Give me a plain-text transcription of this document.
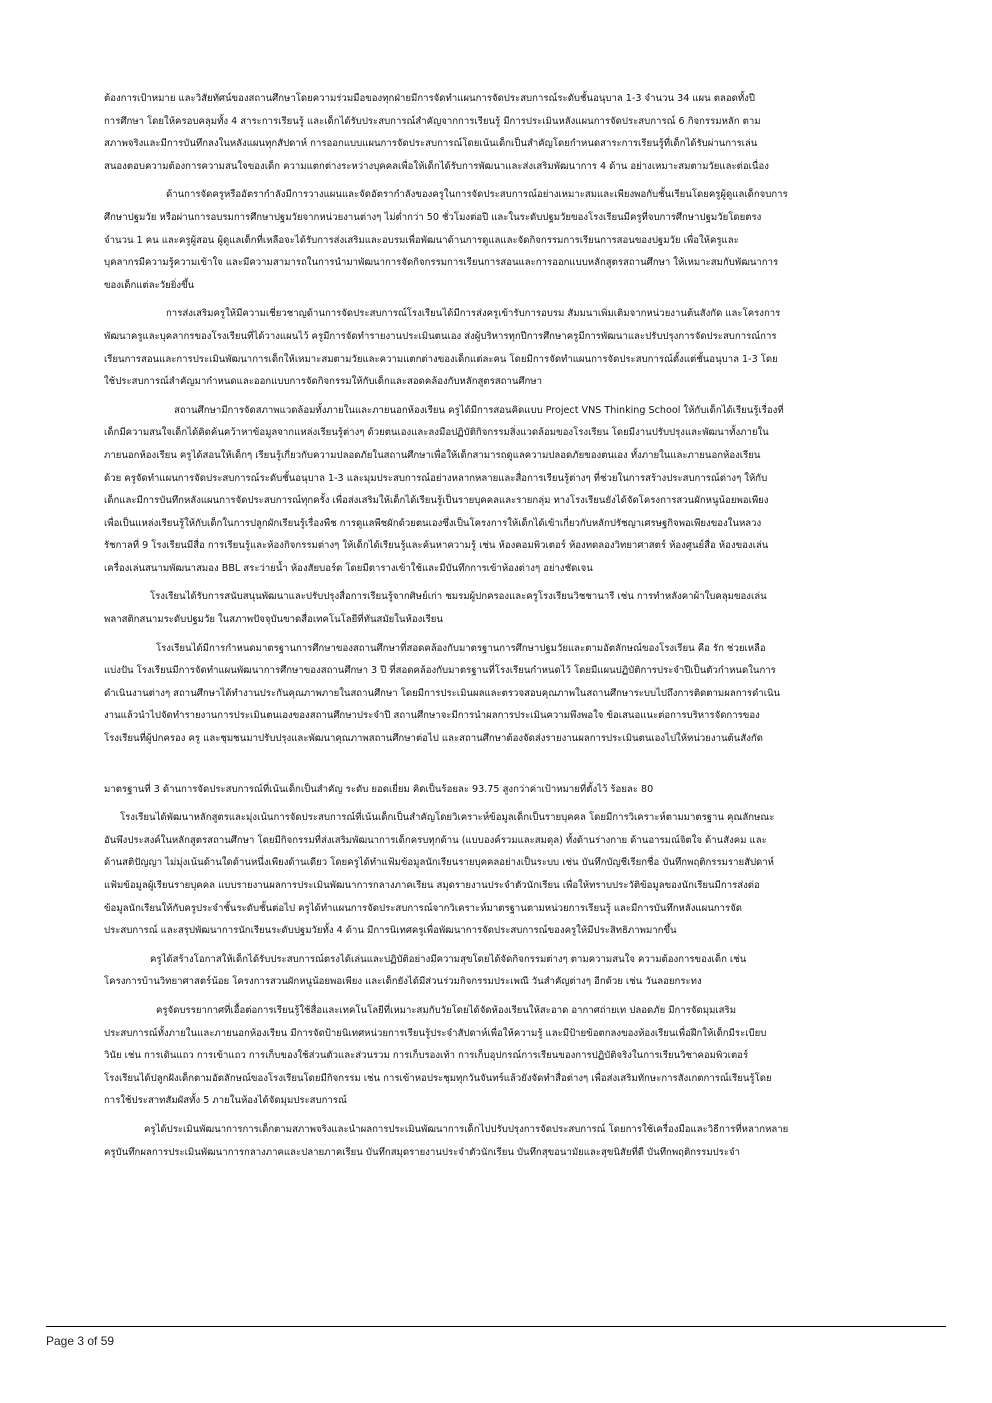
ต้องการเป้าหมาย และวิสัยทัศน์ของสถานศึกษาโดยความร่วมมือของทุกฝ่ายมีการจัดทำแผนการจัดประสบการณ์ระดับชั้นอนุบาล 1-3 จำนวน 34 แผน ตลอดทั้งปี
การศึกษา โดยให้ครอบคลุมทั้ง 4 สาระการเรียนรู้ และเด็กได้รับประสบการณ์สำคัญจากการเรียนรู้ มีการประเมินหลังแผนการจัดประสบการณ์ 6 กิจกรรมหลัก ตาม
สภาพจริงและมีการบันทึกลงในหลังแผนทุกสัปดาห์ การออกแบบแผนการจัดประสบการณ์โดยเน้นเด็กเป็นสำคัญโดยกำหนดสาระการเรียนรู้ที่เด็กได้รับผ่านการเล่น
สนองตอบความต้องการความสนใจของเด็ก ความแตกต่างระหว่างบุคคลเพื่อให้เด็กได้รับการพัฒนาและส่งเสริมพัฒนาการ 4 ด้าน อย่างเหมาะสมตามวัยและต่อเนื่อง
ด้านการจัดครูหรืออัตรากำลังมีการวางแผนและจัดอัตรากำลังของครูในการจัดประสบการณ์อย่างเหมาะสมและเพียงพอกับชั้นเรียนโดยครูผู้ดูแลเด็กจบการ
ศึกษาปฐมวัย หรือผ่านการอบรมการศึกษาปฐมวัยจากหน่วยงานต่างๆ ไม่ต่ำกว่า 50 ชั่วโมงต่อปี และในระดับปฐมวัยของโรงเรียนมีครูที่จบการศึกษาปฐมวัยโดยตรง
จำนวน 1 คน และครูผู้สอน ผู้ดูแลเด็กที่เหลือจะได้รับการส่งเสริมและอบรมเพื่อพัฒนาด้านการดูแลและจัดกิจกรรมการเรียนการสอนของปฐมวัย เพื่อให้ครูและ
บุคลากรมีความรู้ความเข้าใจ และมีความสามารถในการนำมาพัฒนาการจัดกิจกรรมการเรียนการสอนและการออกแบบหลักสูตรสถานศึกษา ให้เหมาะสมกับพัฒนาการ
ของเด็กแต่ละวัยยิ่งขึ้น
การส่งเสริมครูให้มีความเชี่ยวชาญด้านการจัดประสบการณ์โรงเรียนได้มีการส่งครูเข้ารับการอบรม สัมมนาเพิ่มเติมจากหน่วยงานต้นสังกัด และโครงการ
พัฒนาครูและบุคลากรของโรงเรียนที่ได้วางแผนไว้ ครูมีการจัดทำรายงานประเมินตนเอง ส่งผู้บริหารทุกปีการศึกษาครูมีการพัฒนาและปรับปรุงการจัดประสบการณ์การ
เรียนการสอนและการประเมินพัฒนาการเด็กให้เหมาะสมตามวัยและความแตกต่างของเด็กแต่ละคน โดยมีการจัดทำแผนการจัดประสบการณ์ตั้งแต่ชั้นอนุบาล 1-3 โดย
ใช้ประสบการณ์สำคัญมากำหนดและออกแบบการจัดกิจกรรมให้กับเด็กและสอดคล้องกับหลักสูตรสถานศึกษา
สถานศึกษามีการจัดสภาพแวดล้อมทั้งภายในและภายนอกห้องเรียน ครูได้มีการสอนคิดแบบ Project VNS Thinking School ให้กับเด็กได้เรียนรู้เรื่องที่
เด็กมีความสนใจเด็กได้คิดค้นคว้าหาข้อมูลจากแหล่งเรียนรู้ต่างๆ ด้วยตนเองและลงมือปฏิบัติกิจกรรมสิ่งแวดล้อมของโรงเรียน โดยมีงานปรับปรุงและพัฒนาทั้งภายใน
ภายนอกห้องเรียน ครูได้สอนให้เด็กๆ เรียนรู้เกี่ยวกับความปลอดภัยในสถานศึกษาเพื่อให้เด็กสามารถดูแลความปลอดภัยของตนเอง ทั้งภายในและภายนอกห้องเรียน
ด้วย ครูจัดทำแผนการจัดประสบการณ์ระดับชั้นอนุบาล 1-3 และมุมประสบการณ์อย่างหลากหลายและสื่อการเรียนรู้ต่างๆ ที่ช่วยในการสร้างประสบการณ์ต่างๆ ให้กับ
เด็กและมีการบันทึกหลังแผนการจัดประสบการณ์ทุกครั้ง เพื่อส่งเสริมให้เด็กได้เรียนรู้เป็นรายบุคคลและรายกลุ่ม ทางโรงเรียนยังได้จัดโครงการสวนผักหนูน้อยพอเพียง
เพื่อเป็นแหล่งเรียนรู้ให้กับเด็กในการปลูกผักเรียนรู้เรื่องพืช การดูแลพืชผักด้วยตนเองซึ่งเป็นโครงการให้เด็กได้เข้าเกี่ยวกับหลักปรัชญาเศรษฐกิจพอเพียงของในหลวง
รัชกาลที่ 9 โรงเรียนมีสื่อ การเรียนรู้และห้องกิจกรรมต่างๆ ให้เด็กได้เรียนรู้และค้นหาความรู้ เช่น ห้องคอมพิวเตอร์ ห้องทดลองวิทยาศาสตร์ ห้องศูนย์สื่อ ห้องของเล่น
เครื่องเล่นสนามพัฒนาสมอง BBL สระว่ายน้ำ ห้องสัยบอร์ด โดยมีตารางเข้าใช้และมีบันทึกการเข้าห้องต่างๆ อย่างชัดเจน
โรงเรียนได้รับการสนับสนุนพัฒนาและปรับปรุงสื่อการเรียนรู้จากศิษย์เก่า ชมรมผู้ปกครองและครูโรงเรียนวิชชานารี เช่น การทำหลังคาผ้าใบคลุมของเล่น
พลาสติกสนามระดับปฐมวัย ในสภาพปัจจุบันขาดสื่อเทคโนโลยีที่ทันสมัยในห้องเรียน
โรงเรียนได้มีการกำหนดมาตรฐานการศึกษาของสถานศึกษาที่สอดคล้องกับมาตรฐานการศึกษาปฐมวัยและตามอัตลักษณ์ของโรงเรียน คือ รัก ช่วยเหลือ
แบ่งปัน โรงเรียนมีการจัดทำแผนพัฒนาการศึกษาของสถานศึกษา 3 ปี ที่สอดคล้องกับมาตรฐานที่โรงเรียนกำหนดไว้ โดยมีแผนปฏิบัติการประจำปีเป็นตัวกำหนดในการ
ดำเนินงานต่างๆ สถานศึกษาได้ทำงานประกันคุณภาพภายในสถานศึกษา โดยมีการประเมินผลและตรวจสอบคุณภาพในสถานศึกษาระบบไปถึงการติดตามผลการดำเนิน
งานแล้วนำไปจัดทำรายงานการประเมินตนเองของสถานศึกษาประจำปี สถานศึกษาจะมีการนำผลการประเมินความพึงพอใจ ข้อเสนอแนะต่อการบริหารจัดการของ
โรงเรียนที่ผู้ปกครอง ครู และชุมชนมาปรับปรุงและพัฒนาคุณภาพสถานศึกษาต่อไป และสถานศึกษาต้องจัดส่งรายงานผลการประเมินตนเองไปให้หน่วยงานต้นสังกัด
มาตรฐานที่ 3 ด้านการจัดประสบการณ์ที่เน้นเด็กเป็นสำคัญ ระดับ ยอดเยี่ยม คิดเป็นร้อยละ 93.75 สูงกว่าค่าเป้าหมายที่ตั้งไว้ ร้อยละ 80
โรงเรียนได้พัฒนาหลักสูตรและมุ่งเน้นการจัดประสบการณ์ที่เน้นเด็กเป็นสำคัญโดยวิเคราะห์ข้อมูลเด็กเป็นรายบุคคล โดยมีการวิเคราะห์ตามมาตรฐาน คุณลักษณะ
อันพึงประสงค์ในหลักสูตรสถานศึกษา โดยมีกิจกรรมที่ส่งเสริมพัฒนาการเด็กครบทุกด้าน (แบบองค์รวมและสมดุล) ทั้งด้านร่างกาย ด้านอารมณ์จิตใจ ด้านสังคม และ
ด้านสติปัญญา ไม่มุ่งเน้นด้านใดด้านหนึ่งเพียงด้านเดียว โดยครูได้ทำแฟ้มข้อมูลนักเรียนรายบุคคลอย่างเป็นระบบ เช่น บันทึกบัญชีเรียกชื่อ บันทึกพฤติกรรมรายสัปดาห์
แฟ้มข้อมูลผู้เรียนรายบุคคล แบบรายงานผลการประเมินพัฒนาการกลางภาคเรียน สมุดรายงานประจำตัวนักเรียน เพื่อให้ทราบประวัติข้อมูลของนักเรียนมีการส่งต่อ
ข้อมูลนักเรียนให้กับครูประจำชั้นระดับชั้นต่อไป ครูได้ทำแผนการจัดประสบการณ์จากวิเคราะห์มาตรฐานตามหน่วยการเรียนรู้ และมีการบันทึกหลังแผนการจัด
ประสบการณ์ และสรุปพัฒนาการนักเรียนระดับปฐมวัยทั้ง 4 ด้าน มีการนิเทศครูเพื่อพัฒนาการจัดประสบการณ์ของครูให้มีประสิทธิภาพมากขึ้น
ครูได้สร้างโอกาสให้เด็กได้รับประสบการณ์ตรงได้เล่นและปฏิบัติอย่างมีความสุขโดยได้จัดกิจกรรมต่างๆ ตามความสนใจ ความต้องการของเด็ก เช่น
โครงการบ้านวิทยาศาสตร์น้อย โครงการสวนผักหนูน้อยพอเพียง และเด็กยังได้มีส่วนร่วมกิจกรรมประเพณี วันสำคัญต่างๆ อีกด้วย เช่น วันลอยกระทง
ครูจัดบรรยากาศที่เอื้อต่อการเรียนรู้ใช้สื่อและเทคโนโลยีที่เหมาะสมกับวัยโดยได้จัดห้องเรียนให้สะอาด อากาศถ่ายเท ปลอดภัย มีการจัดมุมเสริม
ประสบการณ์ทั้งภายในและภายนอกห้องเรียน มีการจัดป้ายนิเทศหน่วยการเรียนรู้ประจำสัปดาห์เพื่อให้ความรู้ และมีป้ายข้อตกลงของห้องเรียนเพื่อฝึกให้เด็กมีระเบียบ
วินัย เช่น การเดินแถว การเข้าแถว การเก็บของใช้ส่วนตัวและส่วนรวม การเก็บรองเท้า การเก็บอุปกรณ์การเรียนของการปฏิบัติจริงในการเรียนวิชาคอมพิวเตอร์
โรงเรียนได้ปลูกฝังเด็กตามอัตลักษณ์ของโรงเรียนโดยมีกิจกรรม เช่น การเข้าหอประชุมทุกวันจันทร์แล้วยังจัดทำสื่อต่างๆ เพื่อส่งเสริมทักษะการสังเกตการณ์เรียนรู้โดย
การใช้ประสาทสัมผัสทั้ง 5 ภายในห้องได้จัดมุมประสบการณ์
ครูได้ประเมินพัฒนาการการเด็กตามสภาพจริงและนำผลการประเมินพัฒนาการเด็กไปปรับปรุงการจัดประสบการณ์ โดยการใช้เครื่องมือและวิธีการที่หลากหลาย
ครูบันทึกผลการประเมินพัฒนาการกลางภาคและปลายภาคเรียน บันทึกสมุดรายงานประจำตัวนักเรียน บันทึกสุขอนามัยและสุขนิสัยที่ดี บันทึกพฤติกรรมประจำ
Page 3 of 59
